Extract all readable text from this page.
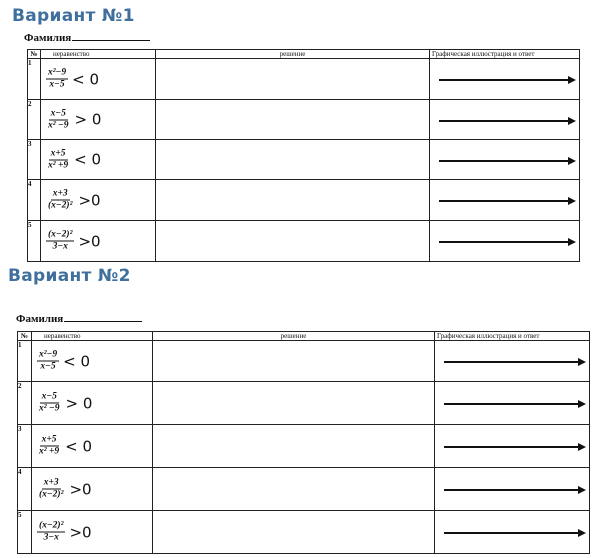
Вариант №1
Фамилия
№	неравенство	решение	Графическая иллюстрация и ответ
1	$\frac{\text{x²−9}}{x-5} < 0$		

2	$\frac{x-5}{\text{x² −9}} > 0$		

3	$\frac{x+5}{\text{x² +9}} < 0$		

4	$\frac{x+3}{\text{(x−2)²}} >0$		

5	$\frac{\text{(x−2)²}}{3-x} >0$		

Вариант №2
Фамилия
№	неравенство	решение	Графическая иллюстрация и ответ
1	$\frac{\text{x²−9}}{x-5} < 0$		

2	$\frac{x-5}{\text{x² −9}} > 0$		

3	$\frac{x+5}{\text{x² +9}} < 0$		

4	$\frac{x+3}{\text{(x−2)²}} >0$		

5	$\frac{\text{(x−2)²}}{3-x} >0$		
